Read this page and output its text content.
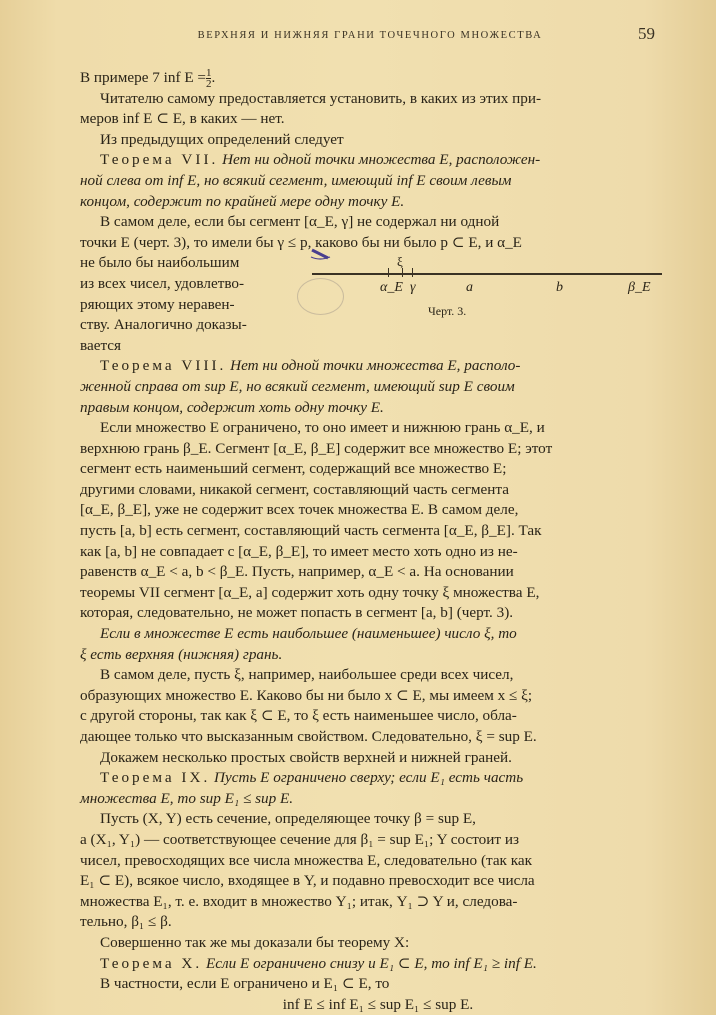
ВЕРХНЯЯ И НИЖНЯЯ ГРАНИ ТОЧЕЧНОГО МНОЖЕСТВА	59
В примере 7 inf $E = \frac{1}{2}$ .
Читателю самому предоставляется установить, в каких из этих при-
меров inf E ⊂ E, в каких — нет.
Из предыдущих определений следует
Теорема VII.
Нет ни одной точки множества E, расположен-
ной слева от inf E, но всякий сегмент, имеющий inf E своим левым
концом, содержит по крайней мере одну точку E.
В самом деле, если бы сегмент [α_E, γ] не содержал ни одной
точки E (черт. 3), то имели бы γ ≤ p, каково бы ни было p ⊂ E, и α_E
не было бы наибольшим
из всех чисел, удовлетво-
ряющих этому неравен-
ству. Аналогично доказы-
вается
Теорема VIII.
Нет ни одной точки множества E, располо-
женной справа от sup E, но всякий сегмент, имеющий sup E своим
правым концом, содержит хоть одну точку E.
Если множество E ограничено, то оно имеет и нижнюю грань α_E, и
верхнюю грань β_E. Сегмент [α_E, β_E] содержит все множество E; этот
сегмент есть наименьший сегмент, содержащий все множество E;
другими словами, никакой сегмент, составляющий часть сегмента
[α_E, β_E], уже не содержит всех точек множества E. В самом деле,
пусть [a, b] есть сегмент, составляющий часть сегмента [α_E, β_E]. Так
как [a, b] не совпадает с [α_E, β_E], то имеет место хоть одно из не-
равенств α_E < a, b < β_E. Пусть, например, α_E < a. На основании
теоремы VII сегмент [α_E, a] содержит хоть одну точку ξ множества E,
которая, следовательно, не может попасть в сегмент [a, b] (черт. 3).
Если в множестве E есть наибольшее (наименьшее) число ξ, то
ξ есть верхняя (нижняя) грань.
В самом деле, пусть ξ, например, наибольшее среди всех чисел,
образующих множество E. Каково бы ни было x ⊂ E, мы имеем x ≤ ξ;
с другой стороны, так как ξ ⊂ E, то ξ есть наименьшее число, обла-
дающее только что высказанным свойством. Следовательно, ξ = sup E.
Докажем несколько простых свойств верхней и нижней граней.
Теорема IX.
Пусть E ограничено сверху; если E₁ есть часть
множества E, то sup E₁ ≤ sup E.
Пусть (X, Y) есть сечение, определяющее точку β = sup E,
а (X₁, Y₁) — соответствующее сечение для β₁ = sup E₁; Y состоит из
чисел, превосходящих все числа множества E, следовательно (так как
E₁ ⊂ E), всякое число, входящее в Y, и подавно превосходит все числа
множества E₁, т. е. входит в множество Y₁; итак, Y₁ ⊃ Y и, следова-
тельно, β₁ ≤ β.
Совершенно так же мы доказали бы теорему X:
Теорема X.
Если E ограничено снизу и E₁ ⊂ E, то inf E₁ ≥ inf E.
В частности, если E ограничено и E₁ ⊂ E, то
inf E ≤ inf E₁ ≤ sup E₁ ≤ sup E.
ξ
α_E γ	a	b	β_E
Черт. 3.
